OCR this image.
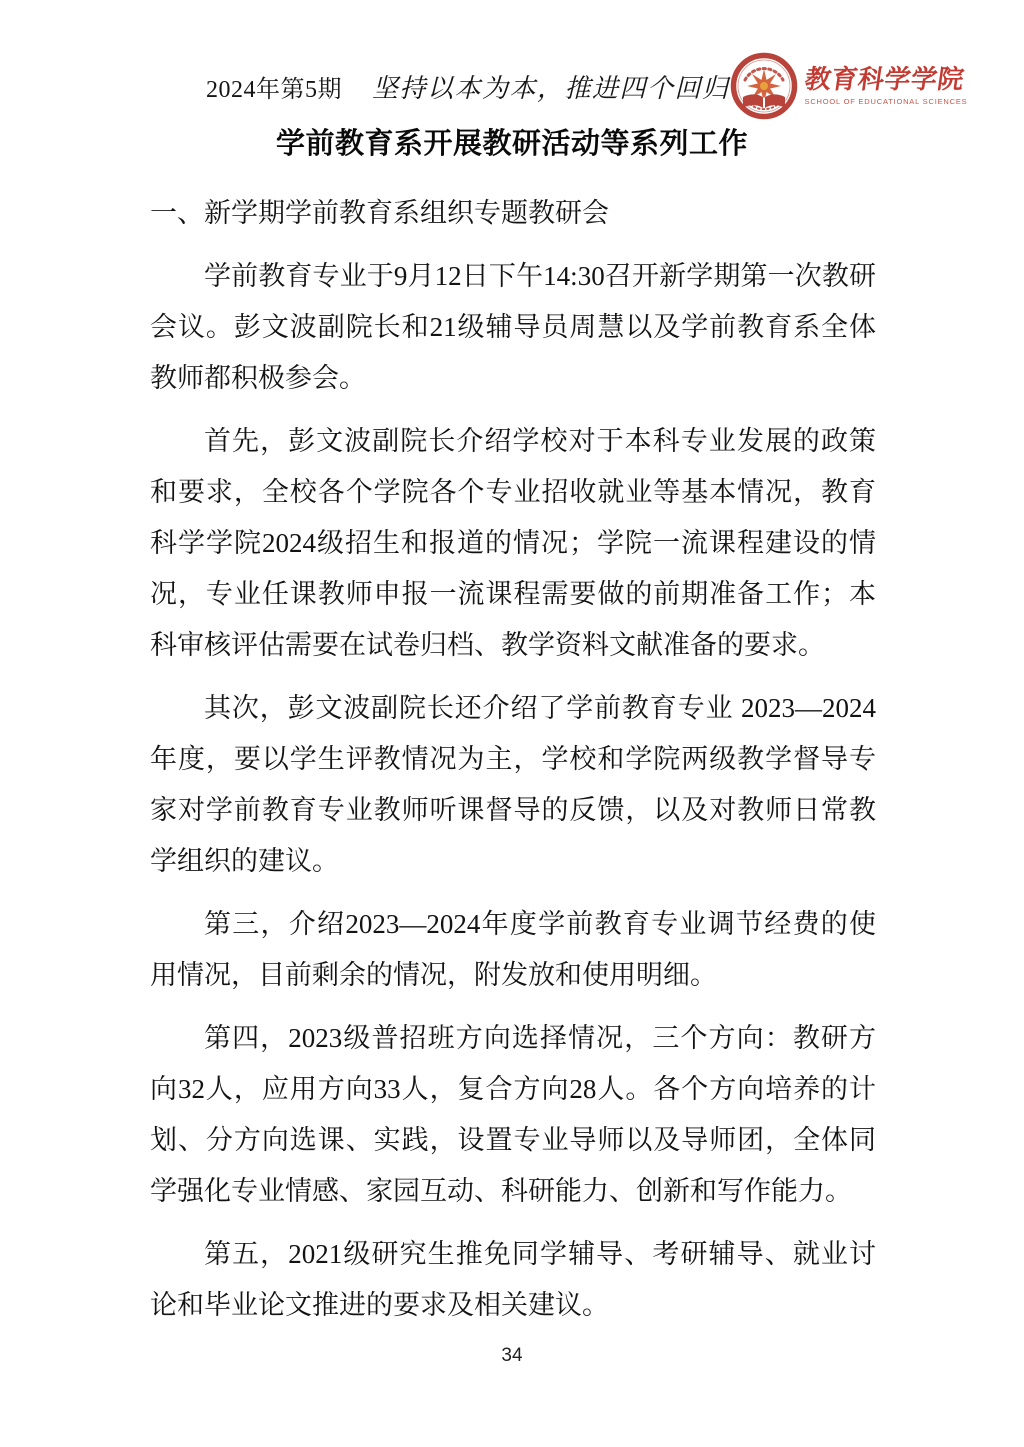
2024年第5期 坚持以本为本，推进四个回归	教育科学学院
SCHOOL OF EDUCATIONAL SCIENCES
学前教育系开展教研活动等系列工作
一、新学期学前教育系组织专题教研会

学前教育专业于9月12日下午14:30召开新学期第一次教研会议。彭文波副院长和21级辅导员周慧以及学前教育系全体教师都积极参会。

首先，彭文波副院长介绍学校对于本科专业发展的政策和要求，全校各个学院各个专业招收就业等基本情况，教育科学学院2024级招生和报道的情况；学院一流课程建设的情况，专业任课教师申报一流课程需要做的前期准备工作；本科审核评估需要在试卷归档、教学资料文献准备的要求。

其次，彭文波副院长还介绍了学前教育专业 2023—2024 年度，要以学生评教情况为主，学校和学院两级教学督导专家对学前教育专业教师听课督导的反馈，以及对教师日常教学组织的建议。

第三，介绍2023—2024年度学前教育专业调节经费的使用情况，目前剩余的情况，附发放和使用明细。

第四，2023级普招班方向选择情况，三个方向：教研方向32人，应用方向33人，复合方向28人。各个方向培养的计划、分方向选课、实践，设置专业导师以及导师团，全体同学强化专业情感、家园互动、科研能力、创新和写作能力。

第五，2021级研究生推免同学辅导、考研辅导、就业讨论和毕业论文推进的要求及相关建议。

34
